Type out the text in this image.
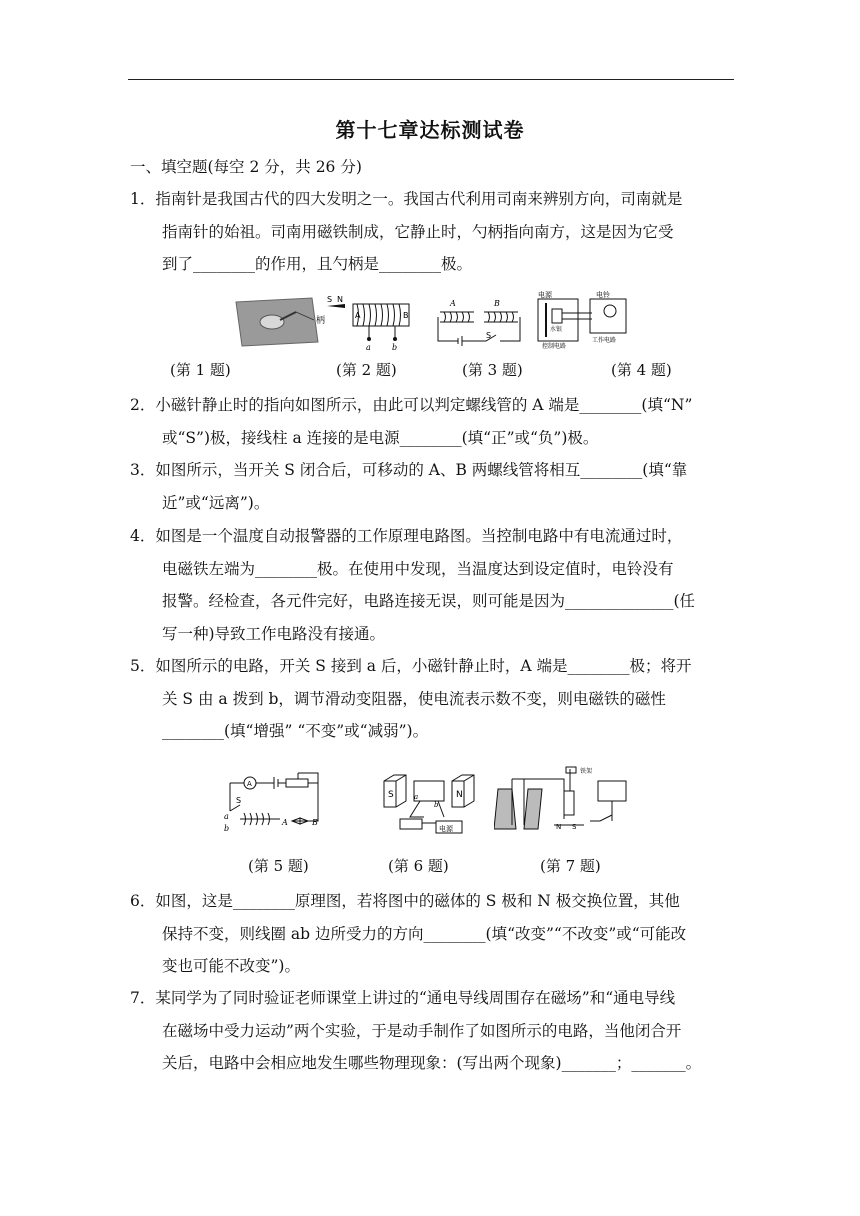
第十七章达标测试卷
一、填空题(每空 2 分，共 26 分)
1．指南针是我国古代的四大发明之一。我国古代利用司南来辨别方向，司南就是
指南针的始祖。司南用磁铁制成，它静止时，勺柄指向南方，这是因为它受
到了________的作用，且勺柄是________极。
柄
S N
A	B
a	b
A	B
S
电源	电铃
水银
控制电路
工作电路
(第 1 题)	(第 2 题)	(第 3 题)	(第 4 题)
2．小磁针静止时的指向如图所示，由此可以判定螺线管的 A 端是________(填“N”
或“S”)极，接线柱 a 连接的是电源________(填“正”或“负”)极。
3．如图所示，当开关 S 闭合后，可移动的 A、B 两螺线管将相互________(填“靠
近”或“远离”)。
4．如图是一个温度自动报警器的工作原理电路图。当控制电路中有电流通过时，
电磁铁左端为________极。在使用中发现，当温度达到设定值时，电铃没有
报警。经检查，各元件完好，电路连接无误，则可能是因为______________(任
写一种)导致工作电路没有接通。
5．如图所示的电路，开关 S 接到 a 后，小磁针静止时，A 端是________极；将开
关 S 由 a 拨到 b，调节滑动变阻器，使电流表示数不变，则电磁铁的磁性
________(填“增强” “不变”或“减弱”)。
A
S
a
b
A	B
S	N
a
b
电源
铁架
N S
(第 5 题)	(第 6 题)	(第 7 题)
6．如图，这是________原理图，若将图中的磁体的 S 极和 N 极交换位置，其他
保持不变，则线圈 ab 边所受力的方向________(填“改变”“不改变”或“可能改
变也可能不改变”)。
7．某同学为了同时验证老师课堂上讲过的“通电导线周围存在磁场”和“通电导线
在磁场中受力运动”两个实验，于是动手制作了如图所示的电路，当他闭合开
关后，电路中会相应地发生哪些物理现象：(写出两个现象)_______；_______。
